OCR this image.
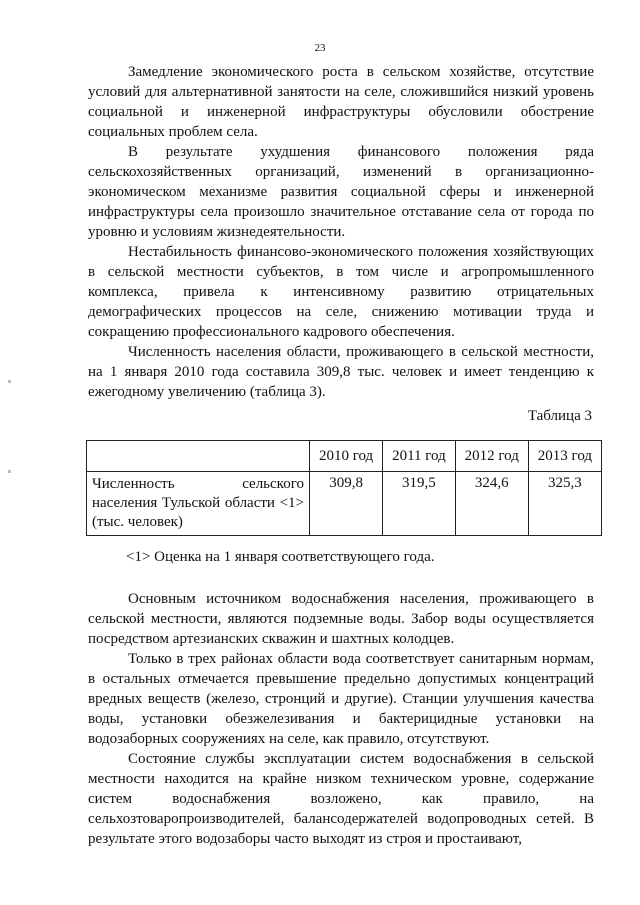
23

Замедление экономического роста в сельском хозяйстве, отсутствие условий для альтернативной занятости на селе, сложившийся низкий уровень социальной и инженерной инфраструктуры обусловили обострение социальных проблем села.

В результате ухудшения финансового положения ряда сельскохозяйственных организаций, изменений в организационно-экономическом механизме развития социальной сферы и инженерной инфраструктуры села произошло значительное отставание села от города по уровню и условиям жизнедеятельности.

Нестабильность финансово-экономического положения хозяйствующих в сельской местности субъектов, в том числе и агропромышленного комплекса, привела к интенсивному развитию отрицательных демографических процессов на селе, снижению мотивации труда и сокращению профессионального кадрового обеспечения.

Численность населения области, проживающего в сельской местности, на 1 января 2010 года составила 309,8 тыс. человек и имеет тенденцию к ежегодному увеличению (таблица 3).

Таблица 3
	2010 год	2011 год	2012 год	2013 год
Численность сельского населения Тульской области <1> (тыс. человек)	309,8	319,5	324,6	325,3
<1> Оценка на 1 января соответствующего года.

Основным источником водоснабжения населения, проживающего в сельской местности, являются подземные воды. Забор воды осуществляется посредством артезианских скважин и шахтных колодцев.

Только в трех районах области вода соответствует санитарным нормам, в остальных отмечается превышение предельно допустимых концентраций вредных веществ (железо, стронций и другие). Станции улучшения качества воды, установки обезжелезивания и бактерицидные установки на водозаборных сооружениях на селе, как правило, отсутствуют.

Состояние службы эксплуатации систем водоснабжения в сельской местности находится на крайне низком техническом уровне, содержание систем водоснабжения возложено, как правило, на сельхозтоваропроизводителей, балансодержателей водопроводных сетей. В результате этого водозаборы часто выходят из строя и простаивают,
